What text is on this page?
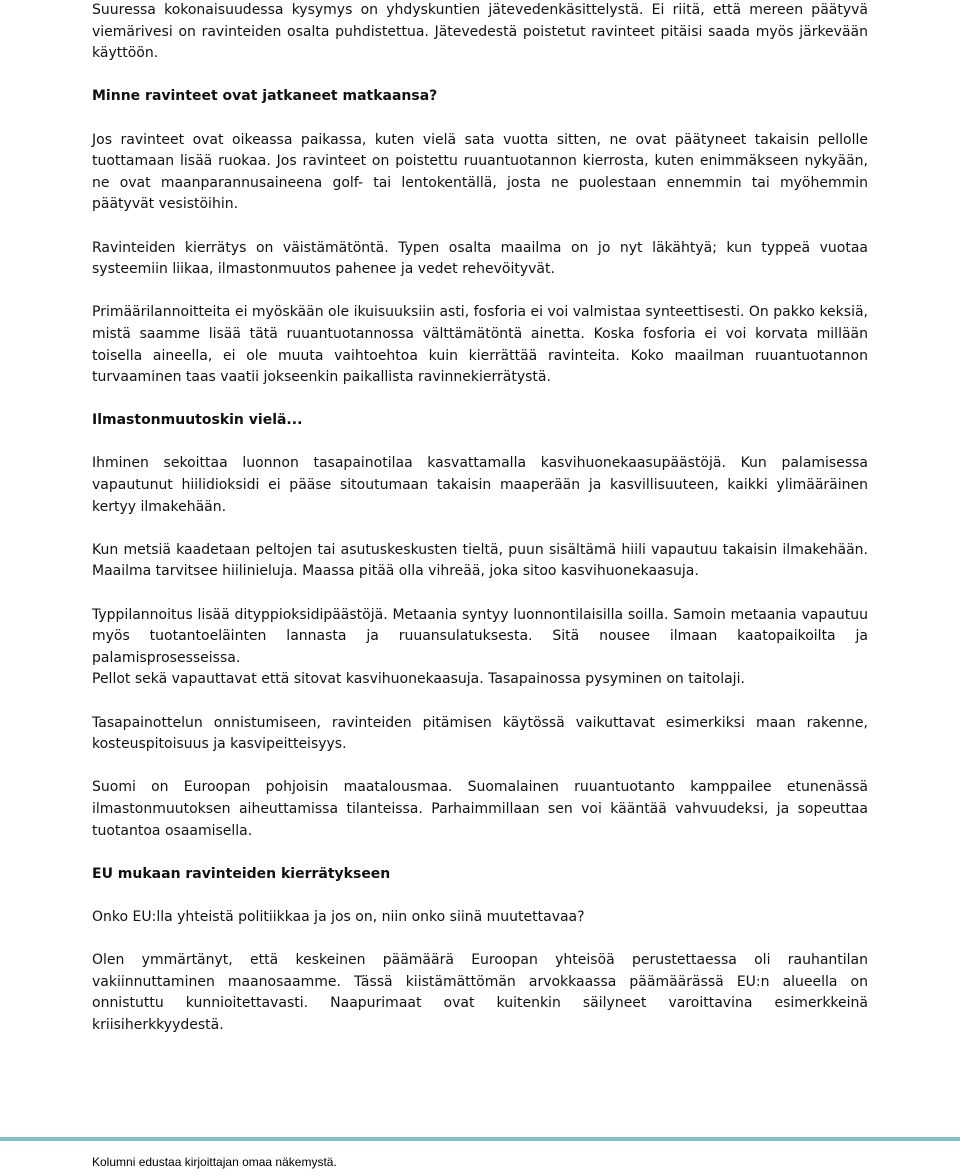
Suuressa kokonaisuudessa kysymys on yhdyskuntien jätevedenkäsittelystä. Ei riitä, että mereen päätyvä viemärivesi on ravinteiden osalta puhdistettua. Jätevedestä poistetut ravinteet pitäisi saada myös järkevään käyttöön.

Minne ravinteet ovat jatkaneet matkaansa?

Jos ravinteet ovat oikeassa paikassa, kuten vielä sata vuotta sitten, ne ovat päätyneet takaisin pellolle tuottamaan lisää ruokaa. Jos ravinteet on poistettu ruuantuotannon kierrosta, kuten enimmäkseen nykyään, ne ovat maanparannusaineena golf- tai lentokentällä, josta ne puolestaan ennemmin tai myöhemmin päätyvät vesistöihin.

Ravinteiden kierrätys on väistämätöntä. Typen osalta maailma on jo nyt läkähtyä; kun typpeä vuotaa systeemiin liikaa, ilmastonmuutos pahenee ja vedet rehevöityvät.

Primäärilannoitteita ei myöskään ole ikuisuuksiin asti, fosforia ei voi valmistaa synteettisesti. On pakko keksiä, mistä saamme lisää tätä ruuantuotannossa välttämätöntä ainetta. Koska fosforia ei voi korvata millään toisella aineella, ei ole muuta vaihtoehtoa kuin kierrättää ravinteita. Koko maailman ruuantuotannon turvaaminen taas vaatii jokseenkin paikallista ravinnekierrätystä.

Ilmastonmuutoskin vielä...

Ihminen sekoittaa luonnon tasapainotilaa kasvattamalla kasvihuonekaasupäästöjä. Kun palamisessa vapautunut hiilidioksidi ei pääse sitoutumaan takaisin maaperään ja kasvillisuuteen, kaikki ylimääräinen kertyy ilmakehään.

Kun metsiä kaadetaan peltojen tai asutuskeskusten tieltä, puun sisältämä hiili vapautuu takaisin ilmakehään. Maailma tarvitsee hiilinieluja. Maassa pitää olla vihreää, joka sitoo kasvihuonekaasuja.

Typpilannoitus lisää dityppioksidipäästöjä. Metaania syntyy luonnontilaisilla soilla. Samoin metaania vapautuu myös tuotantoeläinten lannasta ja ruuansulatuksesta. Sitä nousee ilmaan kaatopaikoilta ja palamisprosesseissa.

Pellot sekä vapauttavat että sitovat kasvihuonekaasuja. Tasapainossa pysyminen on taitolaji.

Tasapainottelun onnistumiseen, ravinteiden pitämisen käytössä vaikuttavat esimerkiksi maan rakenne, kosteuspitoisuus ja kasvipeitteisyys.

Suomi on Euroopan pohjoisin maatalousmaa. Suomalainen ruuantuotanto kamppailee etunenässä ilmastonmuutoksen aiheuttamissa tilanteissa. Parhaimmillaan sen voi kääntää vahvuudeksi, ja sopeuttaa tuotantoa osaamisella.

EU mukaan ravinteiden kierrätykseen

Onko EU:lla yhteistä politiikkaa ja jos on, niin onko siinä muutettavaa?

Olen ymmärtänyt, että keskeinen päämäärä Euroopan yhteisöä perustettaessa oli rauhantilan vakiinnuttaminen maanosaamme. Tässä kiistämättömän arvokkaassa päämäärässä EU:n alueella on onnistuttu kunnioitettavasti. Naapurimaat ovat kuitenkin säilyneet varoittavina esimerkkeinä kriisiherkkyydestä.

Kolumni edustaa kirjoittajan omaa näkemystä.
